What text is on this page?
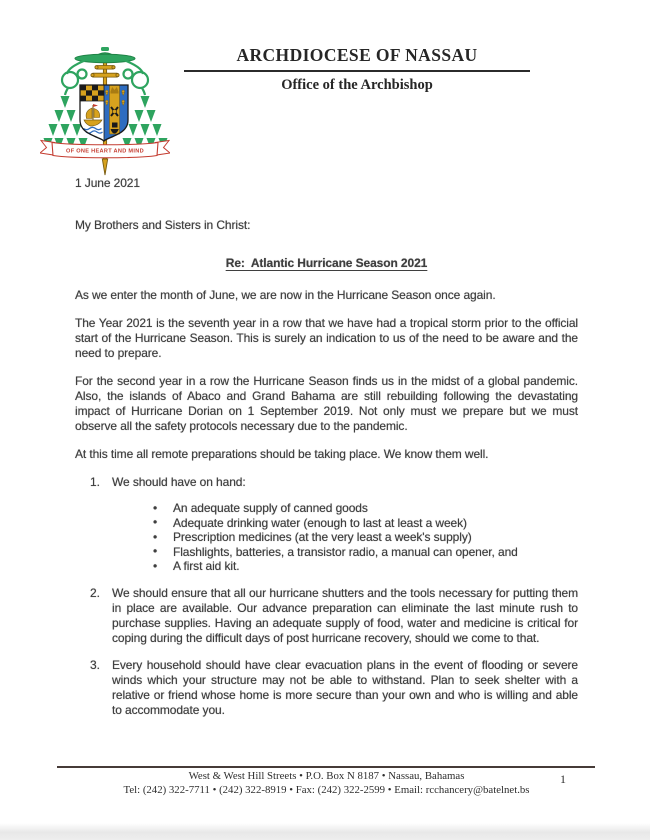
OF ONE HEART AND MIND
ARCHDIOCESE OF NASSAU
Office of the Archbishop
1 June 2021
My Brothers and Sisters in Christ:
Re:  Atlantic Hurricane Season 2021

As we enter the month of June, we are now in the Hurricane Season once again.

The Year 2021 is the seventh year in a row that we have had a tropical storm prior to the official start of the Hurricane Season. This is surely an indication to us of the need to be aware and the need to prepare.

For the second year in a row the Hurricane Season finds us in the midst of a global pandemic. Also, the islands of Abaco and Grand Bahama are still rebuilding following the devastating impact of Hurricane Dorian on 1 September 2019. Not only must we prepare but we must observe all the safety protocols necessary due to the pandemic.

At this time all remote preparations should be taking place. We know them well.

1. We should have on hand:
• An adequate supply of canned goods
• Adequate drinking water (enough to last at least a week)
• Prescription medicines (at the very least a week's supply)
• Flashlights, batteries, a transistor radio, a manual can opener, and
• A first aid kit.
2. We should ensure that all our hurricane shutters and the tools necessary for putting them in place are available. Our advance preparation can eliminate the last minute rush to purchase supplies. Having an adequate supply of food, water and medicine is critical for coping during the difficult days of post hurricane recovery, should we come to that.
3. Every household should have clear evacuation plans in the event of flooding or severe winds which your structure may not be able to withstand. Plan to seek shelter with a relative or friend whose home is more secure than your own and who is willing and able to accommodate you.
West & West Hill Streets • P.O. Box N 8187 • Nassau, Bahamas
Tel: (242) 322-7711 • (242) 322-8919 • Fax: (242) 322-2599 • Email: rcchancery@batelnet.bs
1
